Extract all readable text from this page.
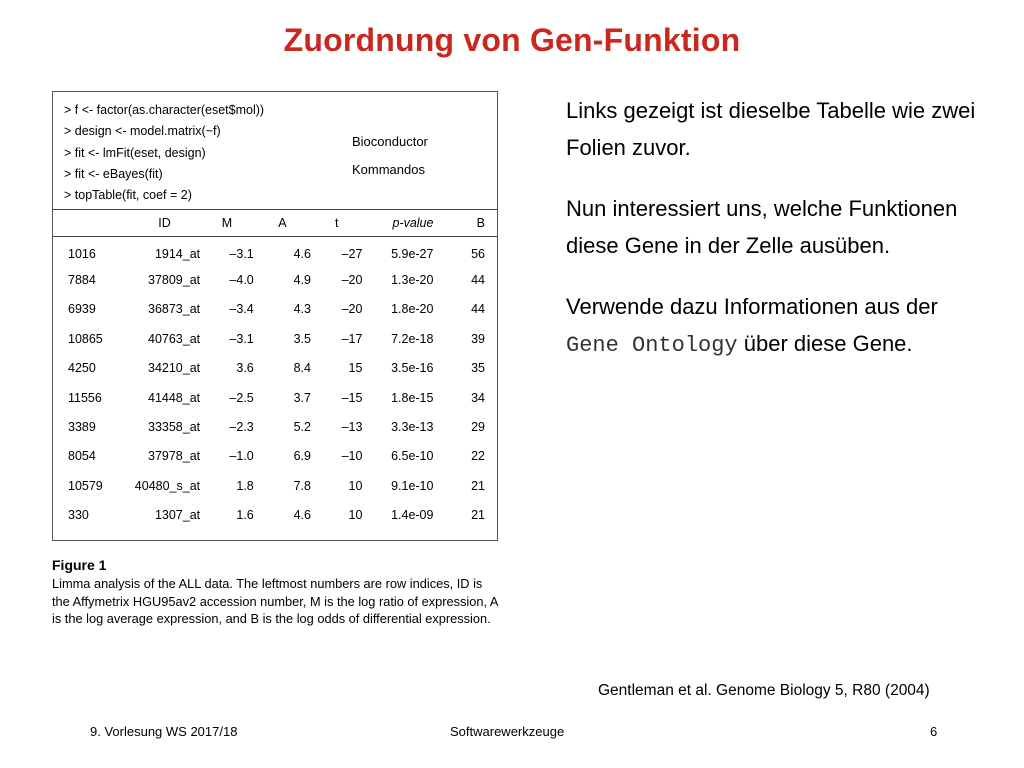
Zuordnung von Gen-Funktion
> f <- factor(as.character(eset$mol))
> design <- model.matrix(~f)
> fit <- lmFit(eset, design)
> fit <- eBayes(fit)
> topTable(fit, coef = 2)
Bioconductor
Kommandos
	ID	M	A	t	p-value	B
1016	1914_at	–3.1	4.6	–27	5.9e-27	56
7884	37809_at	–4.0	4.9	–20	1.3e-20	44
6939	36873_at	–3.4	4.3	–20	1.8e-20	44
10865	40763_at	–3.1	3.5	–17	7.2e-18	39
4250	34210_at	3.6	8.4	15	3.5e-16	35
11556	41448_at	–2.5	3.7	–15	1.8e-15	34
3389	33358_at	–2.3	5.2	–13	3.3e-13	29
8054	37978_at	–1.0	6.9	–10	6.5e-10	22
10579	40480_s_at	1.8	7.8	10	9.1e-10	21
330	1307_at	1.6	4.6	10	1.4e-09	21
Figure 1
Limma analysis of the ALL data. The leftmost numbers are row indices, ID is the Affymetrix HGU95av2 accession number, M is the log ratio of expression, A is the log average expression, and B is the log odds of differential expression.

Links gezeigt ist dieselbe Tabelle wie zwei Folien zuvor.

Nun interessiert uns, welche Funktionen diese Gene in der Zelle ausüben.

Verwende dazu Informationen aus der Gene Ontology über diese Gene.

Gentleman et al. Genome Biology 5, R80 (2004)
9. Vorlesung WS 2017/18	Softwarewerkzeuge	6
